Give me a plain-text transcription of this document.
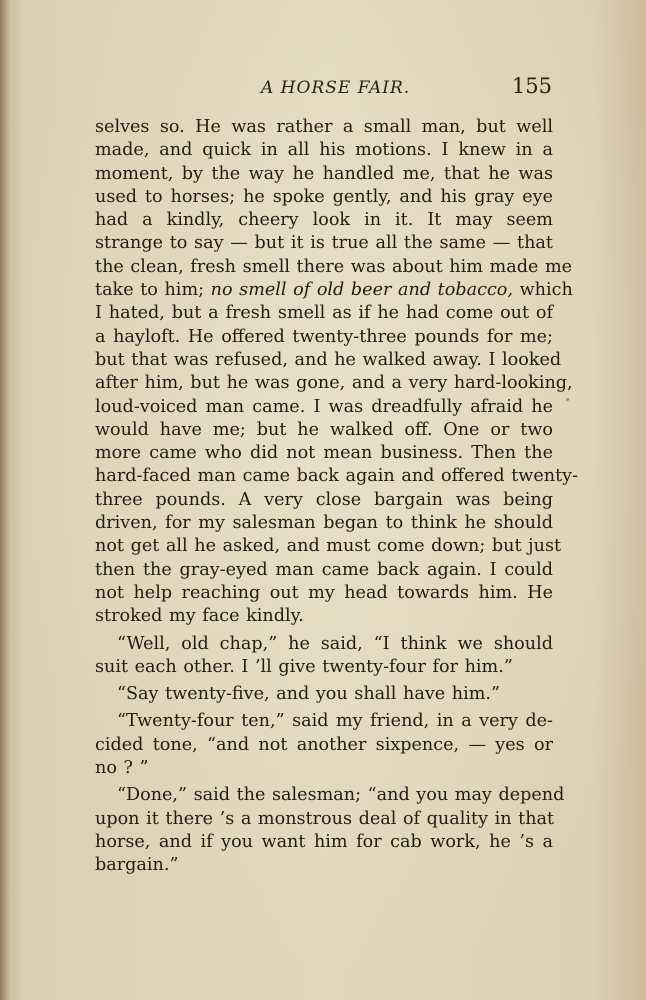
A HORSE FAIR.	155
selves so. He was rather a small man, but well
made, and quick in all his motions. I knew in a
moment, by the way he handled me, that he was
used to horses; he spoke gently, and his gray eye
had a kindly, cheery look in it. It may seem
strange to say — but it is true all the same — that
the clean, fresh smell there was about him made me
take to him; no smell of old beer and tobacco, which
I hated, but a fresh smell as if he had come out of
a hayloft. He offered twenty-three pounds for me;
but that was refused, and he walked away. I looked
after him, but he was gone, and a very hard-looking,
loud-voiced man came. I was dreadfully afraid he
would have me; but he walked off. One or two
more came who did not mean business. Then the
hard-faced man came back again and offered twenty-
three pounds. A very close bargain was being
driven, for my salesman began to think he should
not get all he asked, and must come down; but just
then the gray-eyed man came back again. I could
not help reaching out my head towards him. He
stroked my face kindly.
“Well, old chap,” he said, “I think we should
suit each other. I ’ll give twenty-four for him.”
“Say twenty-five, and you shall have him.”
“Twenty-four ten,” said my friend, in a very de-
cided tone, “and not another sixpence, — yes or
no ? ”
“Done,” said the salesman; “and you may depend
upon it there ’s a monstrous deal of quality in that
horse, and if you want him for cab work, he ’s a
bargain.”
